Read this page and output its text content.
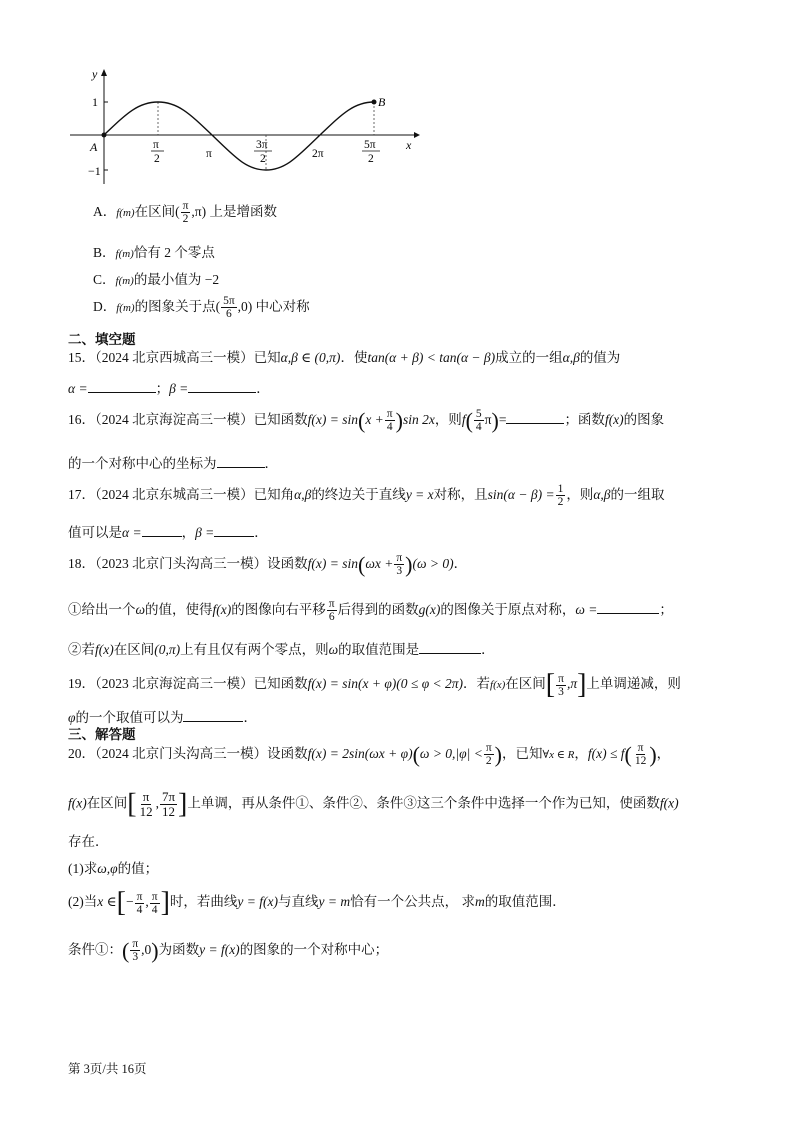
y
x
1
−1
A
B
π
2	π
3π
2	2π
5π
2
A．f(m)在区间( $\frac{\pi}{2} ,\pi$) 上是增函数
B．f(m)恰有 2 个零点
C．f(m)的最小值为 −2
D．f(m)的图象关于点( $\frac{5\pi}{6} ,0$) 中心对称
二、填空题
15．（2024 北京西城高三一模）已知α,β ∈ (0,π)．使tan(α + β) < tan(α − β)成立的一组α,β的值为
α =	；β =	．
16．（2024 北京海淀高三一模）已知函数$f(x) = \sin(x + \frac{\pi}{4} )\sin$ 2x，则$f( \frac{5}{4} \pi)=$	；函数f(x)的图象
的一个对称中心的坐标为	．
17．（2024 北京东城高三一模）已知角α,β的终边关于直线y = x对称，且$\sin(\alpha - \beta) = \frac{1}{2}$ ，则α,β的一组取
值可以是α =	，β =	．
18．（2023 北京门头沟高三一模）设函数$f(x) = \sin(\omega x + \frac{\pi}{3} )(\omega > 0)$．
①给出一个ω的值，使得f(x)的图像向右平移 $\frac{\pi}{6}$ 后得到的函数g(x)的图像关于原点对称，ω =	；
②若f(x)在区间(0,π)上有且仅有两个零点，则ω的取值范围是	．
19．（2023 北京海淀高三一模）已知函数f(x) = sin(x + φ)(0 ≤ φ < 2π)．若f(x)在区间[ $\frac{\pi}{3} ,\pi$]上单调递减，则
φ的一个取值可以为	．
三、解答题
20．（2024 北京门头沟高三一模）设函数$f(x) = 2\sin(\omega x + \varphi)(\omega > 0,|\varphi| < \frac{\pi}{2}$ )，已知∀x ∈ R，$f(x) \le f( \frac{\pi}{12}$ )，
f(x)在区间[ $\frac{\pi}{12}$ , $\frac{7\pi}{12}$ ]上单调，再从条件①、条件②、条件③这三个条件中选择一个作为已知，使函数f(x)
存在．
(1)求ω,φ的值；
(2)当x ∈[− $\frac{\pi}{4}$ , $\frac{\pi}{4}$ ]时，若曲线y = f(x)与直线y = m恰有一个公共点， 求m的取值范围．
条件①：( $\frac{\pi}{3} ,0$)为函数y = f(x)的图象的一个对称中心；
第 3页/共 16页
